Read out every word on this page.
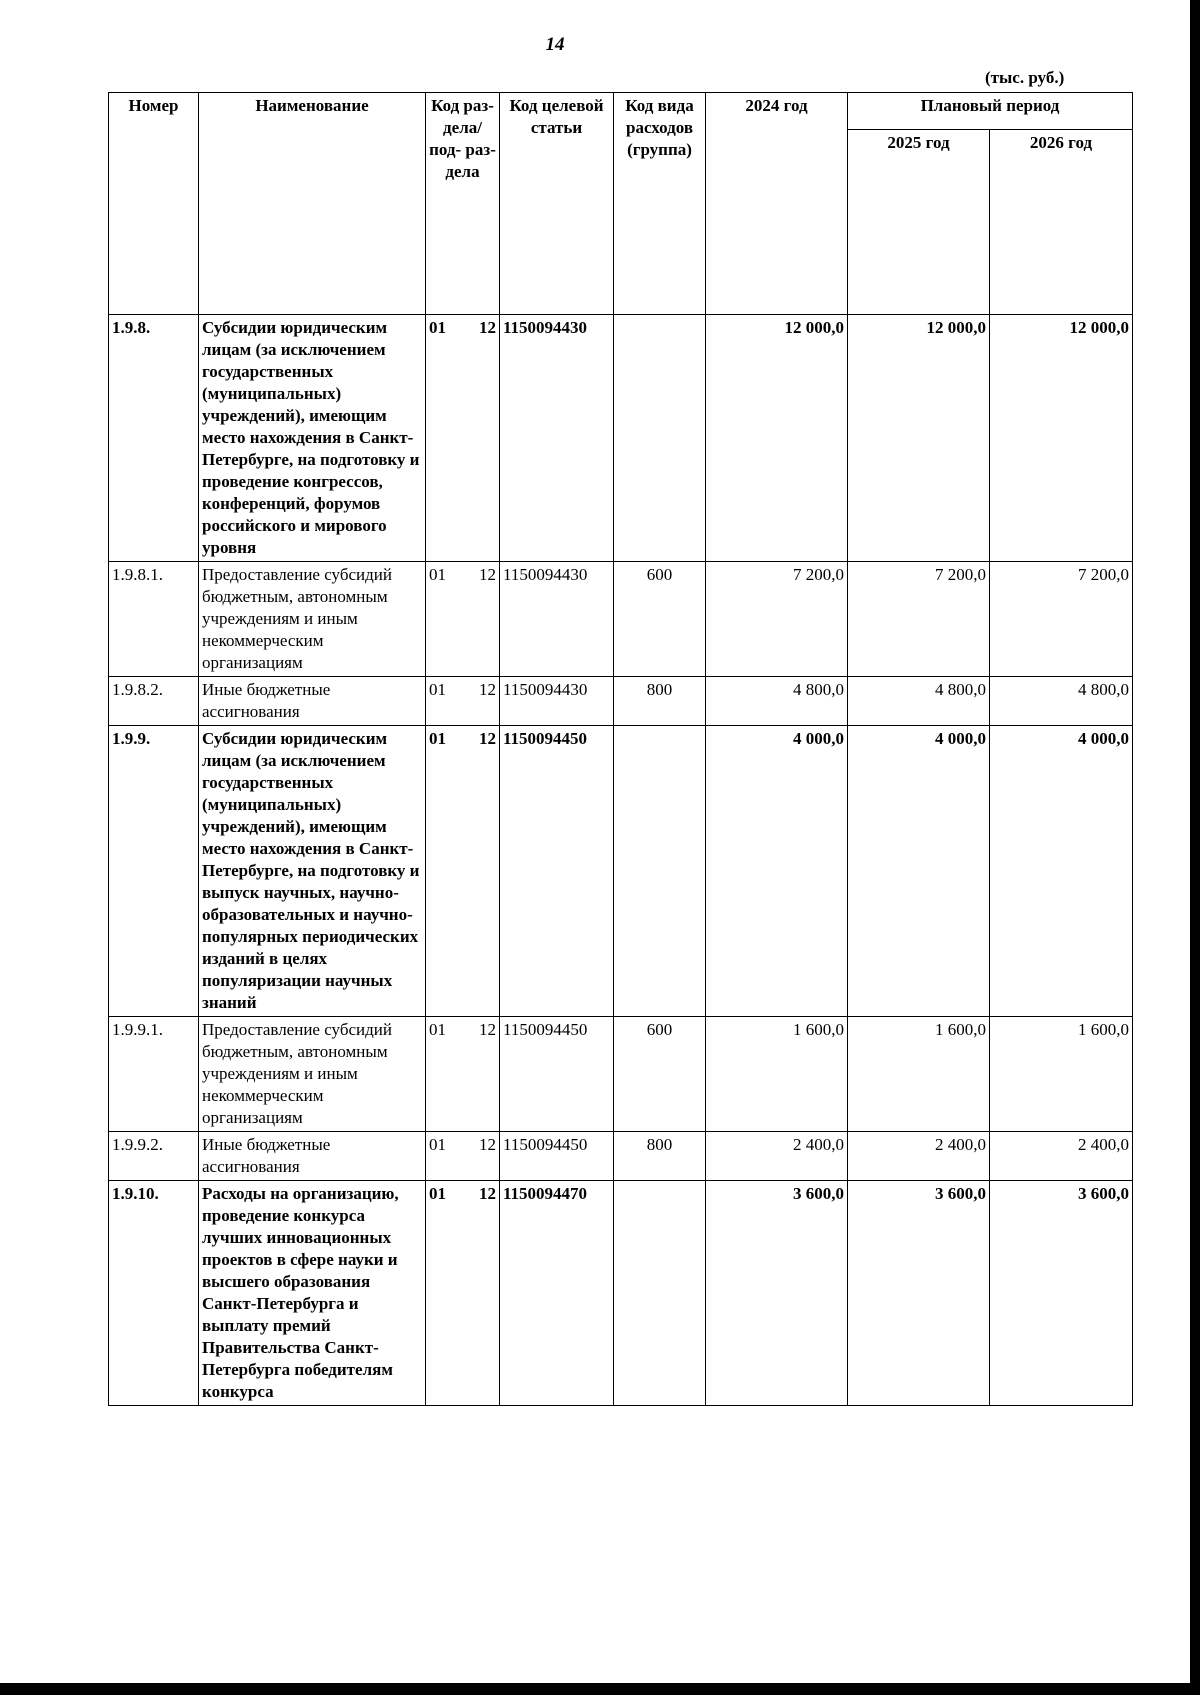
14
(тыс. руб.)
Номер	Наименование	Код раз- дела/ под- раз- дела	Код целевой статьи	Код вида расходов (группа)	2024 год	Плановый период	
						2025 год	2026 год
1.9.8.	Субсидии юридическим лицам (за исключением государственных (муниципальных) учреждений), имеющим место нахождения в Санкт-Петербурге, на подготовку и проведение конгрессов, конференций, форумов российского и мирового уровня	01 12	1150094430		12 000,0	12 000,0	12 000,0
1.9.8.1.	Предоставление субсидий бюджетным, автономным учреждениям и иным некоммерческим организациям	01 12	1150094430	600	7 200,0	7 200,0	7 200,0
1.9.8.2.	Иные бюджетные ассигнования	01 12	1150094430	800	4 800,0	4 800,0	4 800,0
1.9.9.	Субсидии юридическим лицам (за исключением государственных (муниципальных) учреждений), имеющим место нахождения в Санкт-Петербурге, на подготовку и выпуск научных, научно-образовательных и научно-популярных периодических изданий в целях популяризации научных знаний	01 12	1150094450		4 000,0	4 000,0	4 000,0
1.9.9.1.	Предоставление субсидий бюджетным, автономным учреждениям и иным некоммерческим организациям	01 12	1150094450	600	1 600,0	1 600,0	1 600,0
1.9.9.2.	Иные бюджетные ассигнования	01 12	1150094450	800	2 400,0	2 400,0	2 400,0
1.9.10.	Расходы на организацию, проведение конкурса лучших инновационных проектов в сфере науки и высшего образования Санкт-Петербурга и выплату премий Правительства Санкт-Петербурга победителям конкурса	01 12	1150094470		3 600,0	3 600,0	3 600,0
